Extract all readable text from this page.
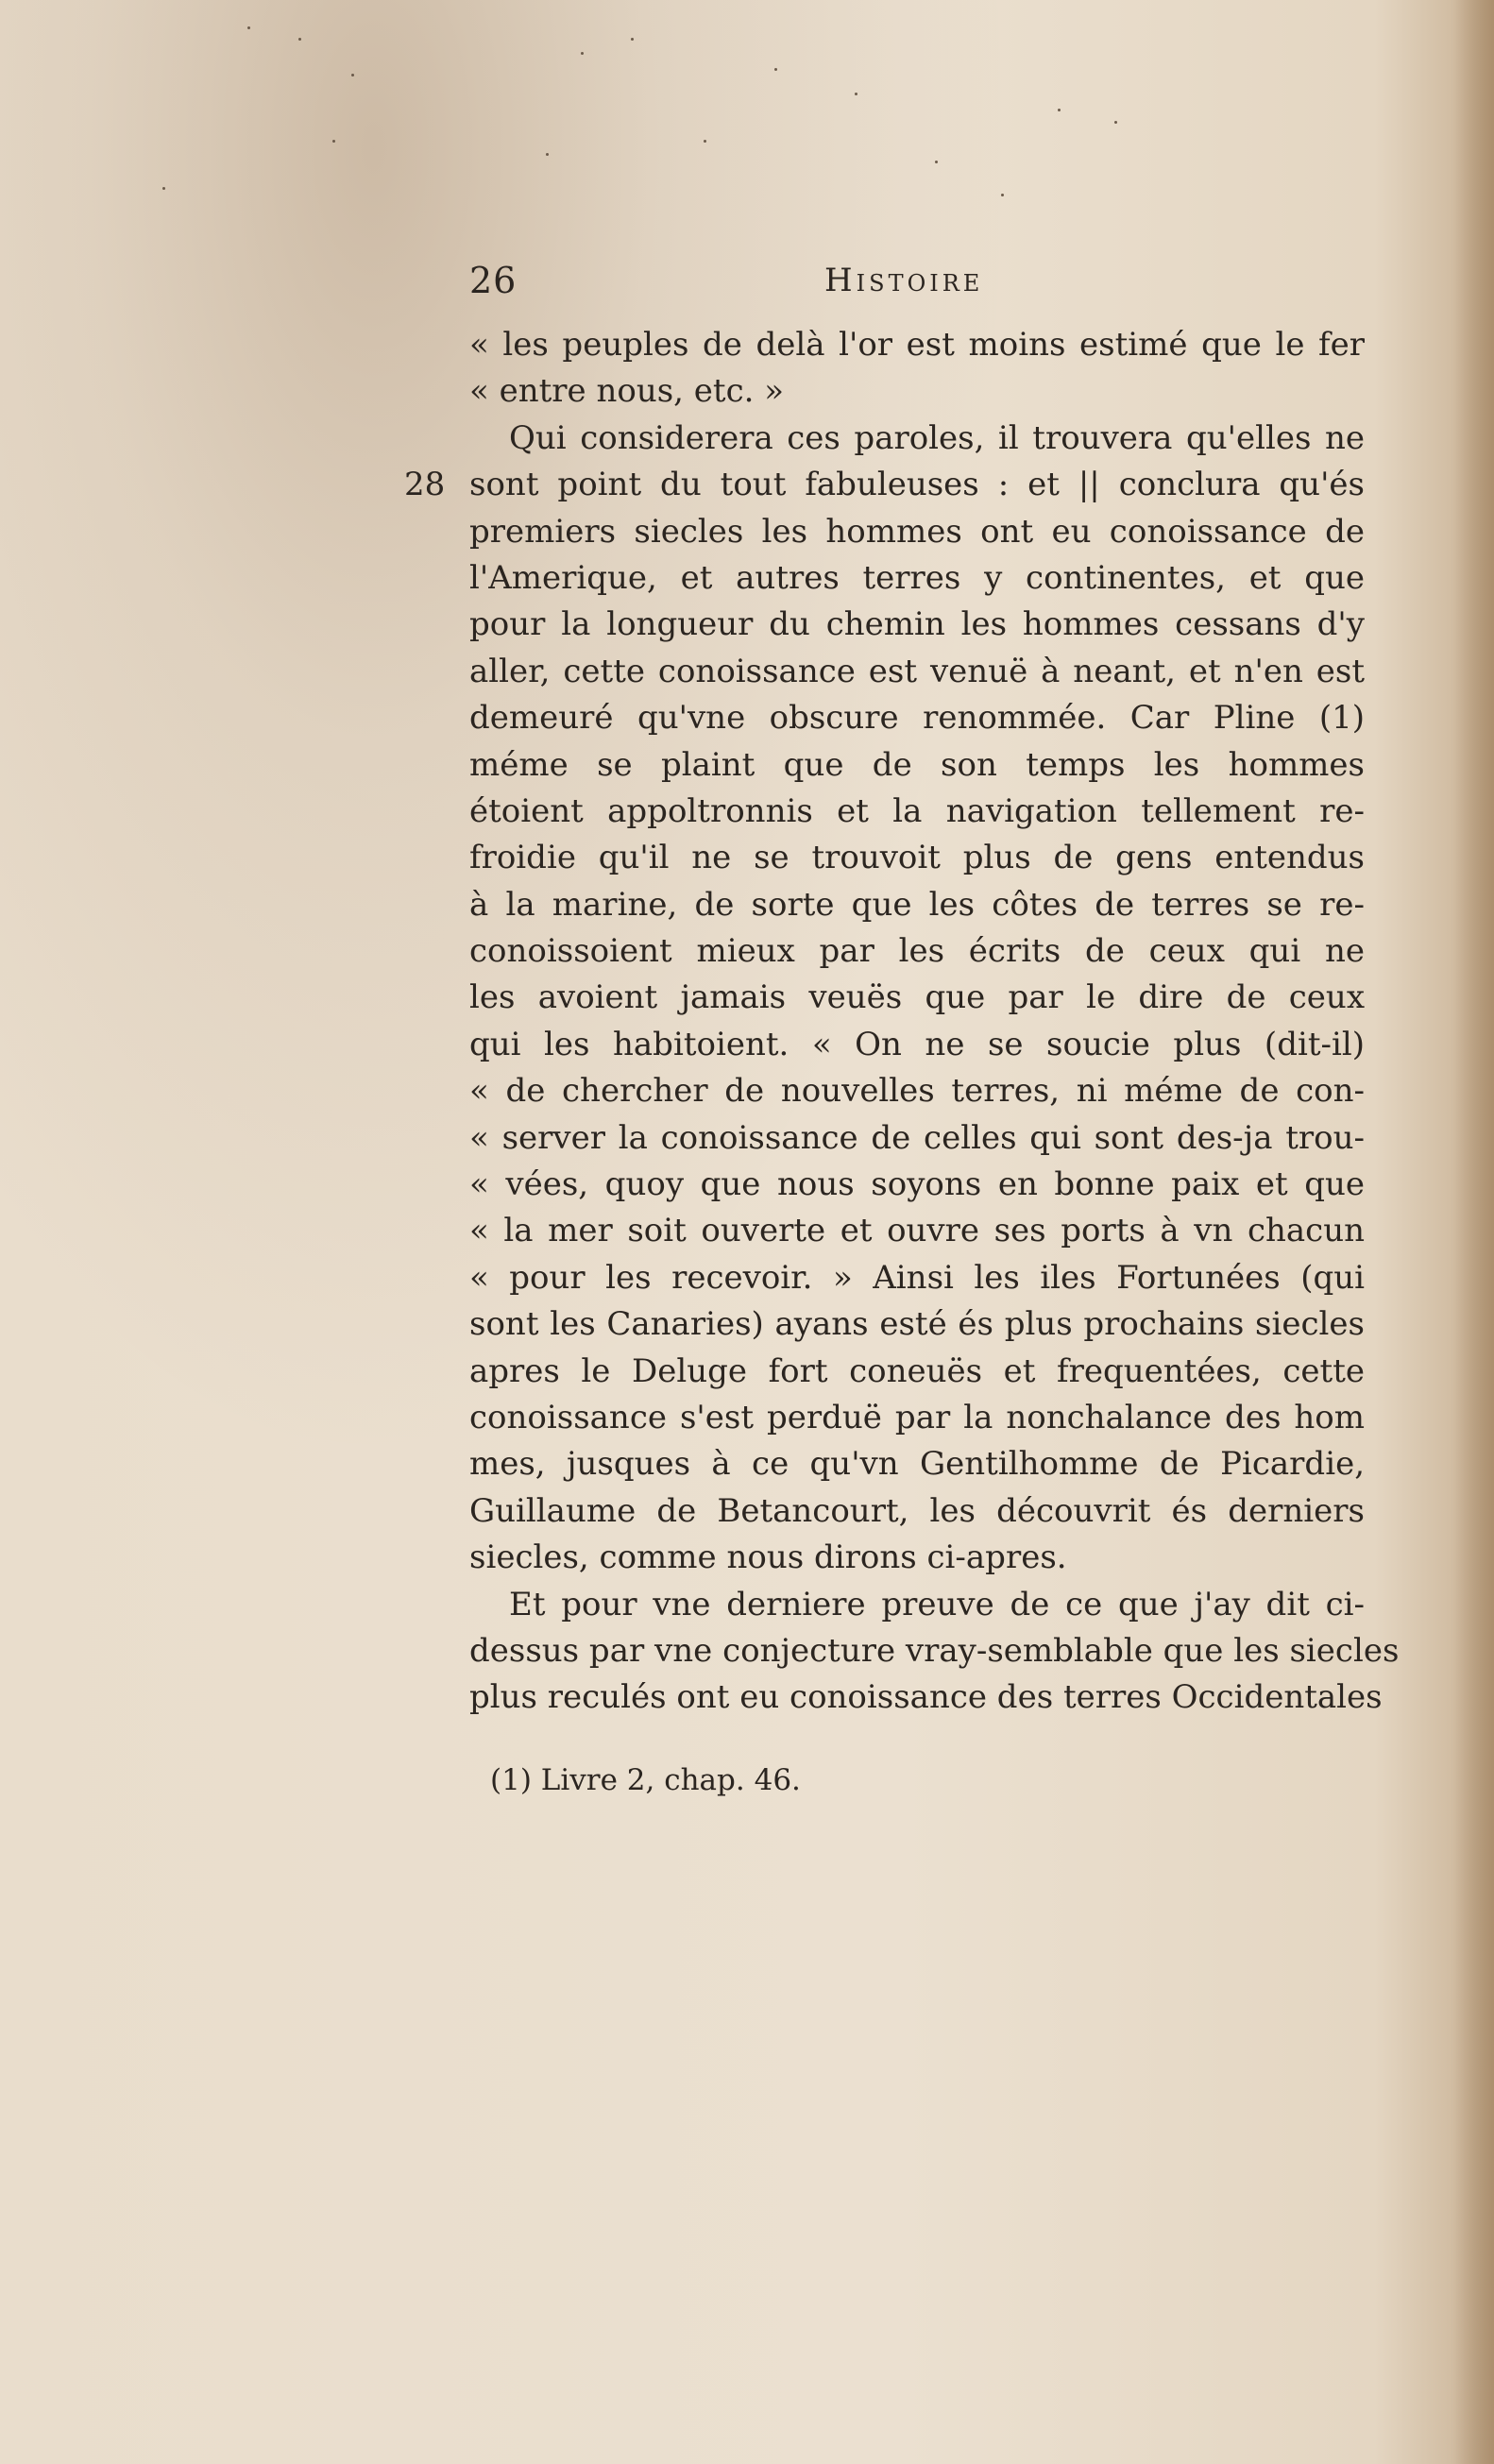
26	Histoire
28
« les peuples de delà l'or est moins estimé que le fer
« entre nous, etc. »
Qui considerera ces paroles, il trouvera qu'elles ne
sont point du tout fabuleuses : et || conclura qu'és
premiers siecles les hommes ont eu conoissance de
l'Amerique, et autres terres y continentes, et que
pour la longueur du chemin les hommes cessans d'y
aller, cette conoissance est venuë à neant, et n'en est
demeuré qu'vne obscure renommée. Car Pline (1)
méme se plaint que de son temps les hommes
étoient appoltronnis et la navigation tellement re-
froidie qu'il ne se trouvoit plus de gens entendus
à la marine, de sorte que les côtes de terres se re-
conoissoient mieux par les écrits de ceux qui ne
les avoient jamais veuës que par le dire de ceux
qui les habitoient. « On ne se soucie plus (dit-il)
« de chercher de nouvelles terres, ni méme de con-
« server la conoissance de celles qui sont des-ja trou-
« vées, quoy que nous soyons en bonne paix et que
« la mer soit ouverte et ouvre ses ports à vn chacun
« pour les recevoir. » Ainsi les iles Fortunées (qui
sont les Canaries) ayans esté és plus prochains siecles
apres le Deluge fort coneuës et frequentées, cette
conoissance s'est perduë par la nonchalance des hom
mes, jusques à ce qu'vn Gentilhomme de Picardie,
Guillaume de Betancourt, les découvrit és derniers
siecles, comme nous dirons ci-apres.
Et pour vne derniere preuve de ce que j'ay dit ci-
dessus par vne conjecture vray-semblable que les siecles
plus reculés ont eu conoissance des terres Occidentales
(1) Livre 2, chap. 46.
